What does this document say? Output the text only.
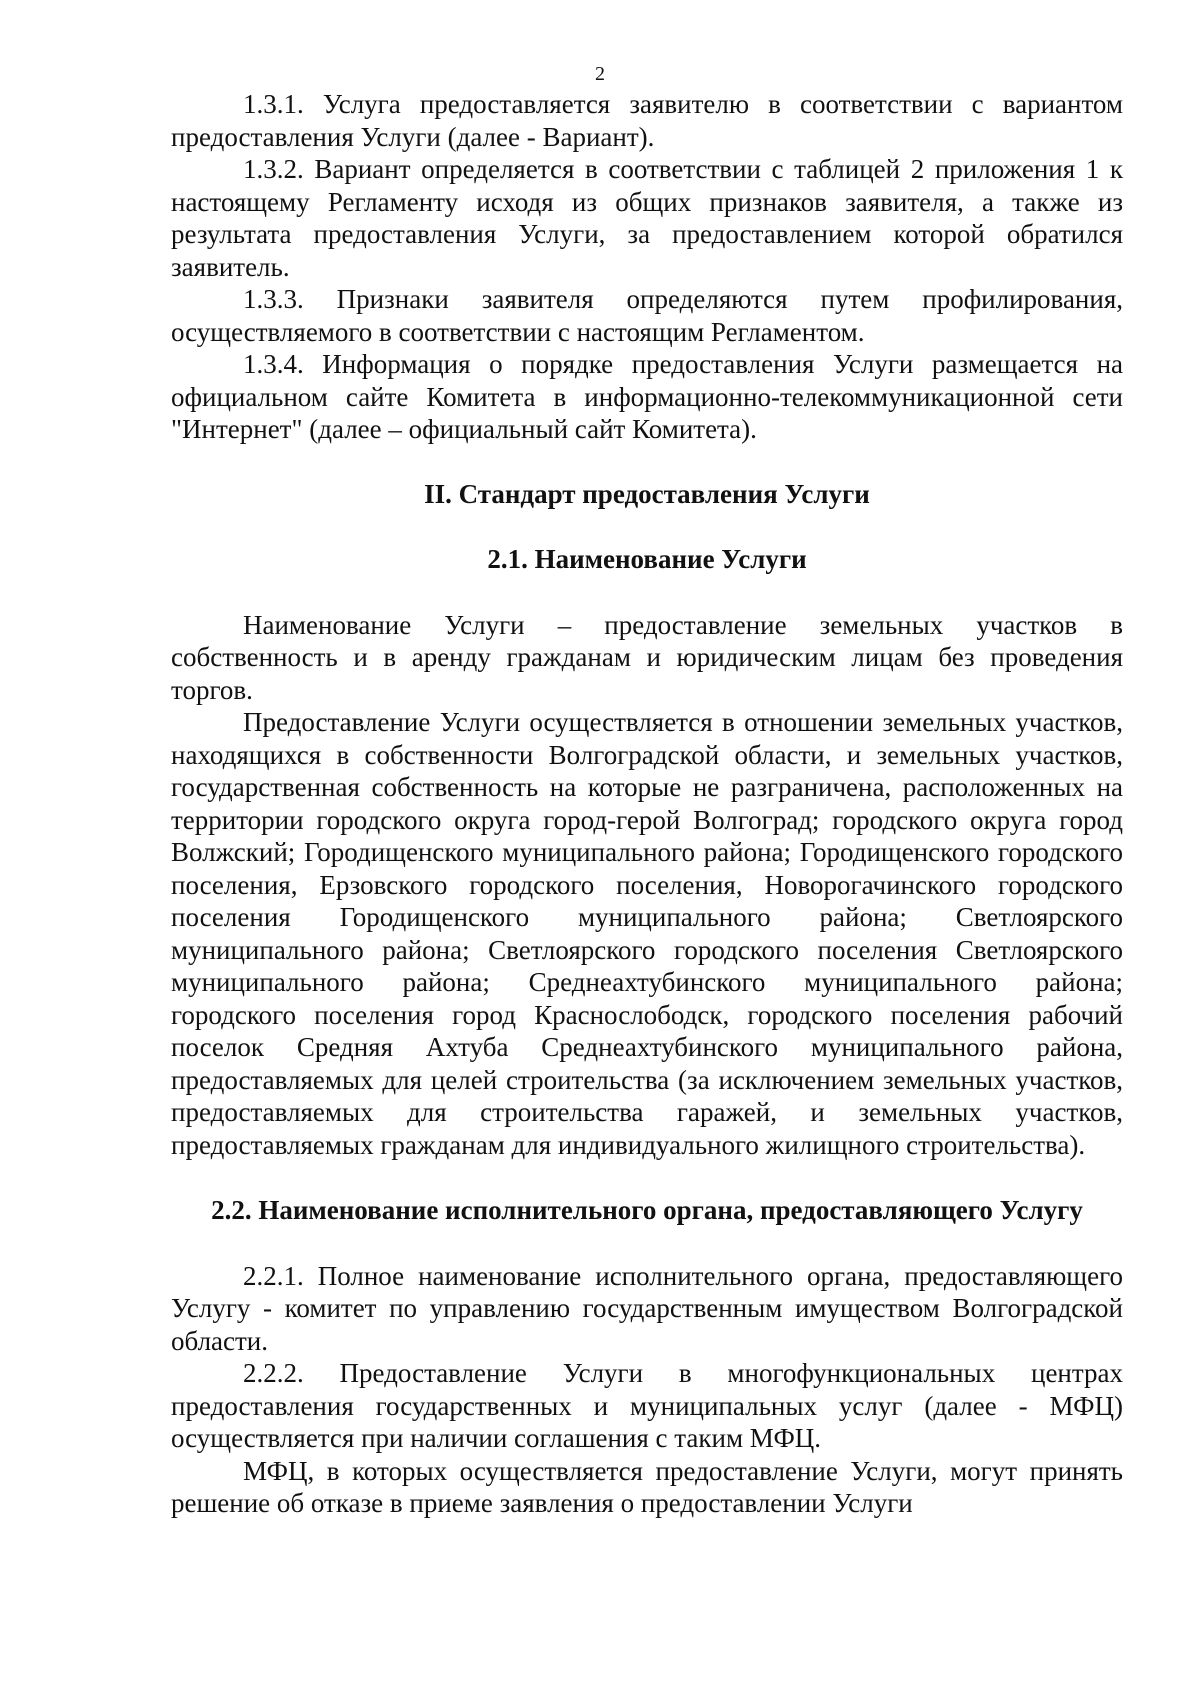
2

1.3.1. Услуга предоставляется заявителю в соответствии с вариантом предоставления Услуги (далее - Вариант).

1.3.2. Вариант определяется в соответствии с таблицей 2 приложения 1 к настоящему Регламенту исходя из общих признаков заявителя, а также из результата предоставления Услуги, за предоставлением которой обратился заявитель.

1.3.3. Признаки заявителя определяются путем профилирования, осуществляемого в соответствии с настоящим Регламентом.

1.3.4. Информация о порядке предоставления Услуги размещается на официальном сайте Комитета в информационно-телекоммуникационной сети "Интернет" (далее – официальный сайт Комитета).

II. Стандарт предоставления Услуги
2.1. Наименование Услуги

Наименование Услуги – предоставление земельных участков в собственность и в аренду гражданам и юридическим лицам без проведения торгов.

Предоставление Услуги осуществляется в отношении земельных участков, находящихся в собственности Волгоградской области, и земельных участков, государственная собственность на которые не разграничена, расположенных на территории городского округа город-герой Волгоград; городского округа город Волжский; Городищенского муниципального района; Городищенского городского поселения, Ерзовского городского поселения, Новорогачинского городского поселения Городищенского муниципального района; Светлоярского муниципального района; Светлоярского городского поселения Светлоярского муниципального района; Среднеахтубинского муниципального района; городского поселения город Краснослободск, городского поселения рабочий поселок Средняя Ахтуба Среднеахтубинского муниципального района, предоставляемых для целей строительства (за исключением земельных участков, предоставляемых для строительства гаражей, и земельных участков, предоставляемых гражданам для индивидуального жилищного строительства).

2.2. Наименование исполнительного органа, предоставляющего Услугу

2.2.1. Полное наименование исполнительного органа, предоставляющего Услугу - комитет по управлению государственным имуществом Волгоградской области.

2.2.2. Предоставление Услуги в многофункциональных центрах предоставления государственных и муниципальных услуг (далее - МФЦ) осуществляется при наличии соглашения с таким МФЦ.

МФЦ, в которых осуществляется предоставление Услуги, могут принять решение об отказе в приеме заявления о предоставлении Услуги
